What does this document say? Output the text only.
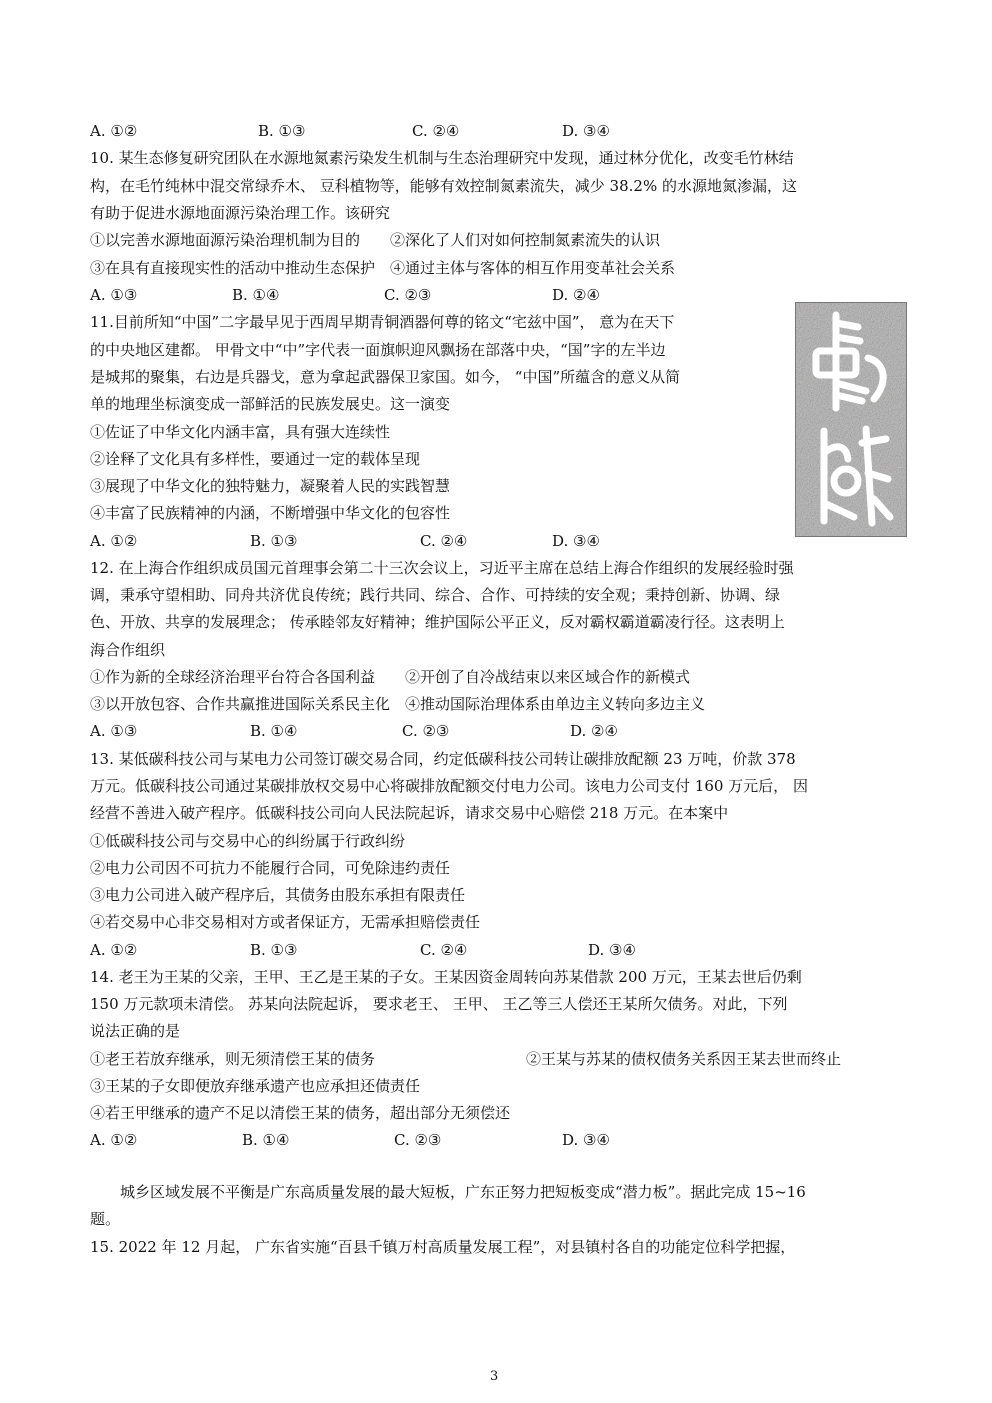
A. ①②	B. ①③	C. ②④	D. ③④
10. 某生态修复研究团队在水源地氮素污染发生机制与生态治理研究中发现，通过林分优化，改变毛竹林结
构，在毛竹纯林中混交常绿乔木、 豆科植物等，能够有效控制氮素流失，减少 38.2% 的水源地氮渗漏，这
有助于促进水源地面源污染治理工作。该研究
①以完善水源地面源污染治理机制为目的　　②深化了人们对如何控制氮素流失的认识
③在具有直接现实性的活动中推动生态保护　④通过主体与客体的相互作用变革社会关系
A. ①③	B. ①④	C. ②③	D. ②④
11.目前所知“中国”二字最早见于西周早期青铜酒器何尊的铭文“宅兹中国”， 意为在天下
的中央地区建都。 甲骨文中“中”字代表一面旗帜迎风飘扬在部落中央，“国”字的左半边
是城邦的聚集，右边是兵器戈，意为拿起武器保卫家国。如今， “中国”所蕴含的意义从简
单的地理坐标演变成一部鲜活的民族发展史。这一演变
①佐证了中华文化内涵丰富，具有强大连续性
②诠释了文化具有多样性，要通过一定的载体呈现
③展现了中华文化的独特魅力，凝聚着人民的实践智慧
④丰富了民族精神的内涵，不断增强中华文化的包容性
A. ①②	B. ①③	C. ②④	D. ③④
12. 在上海合作组织成员国元首理事会第二十三次会议上，习近平主席在总结上海合作组织的发展经验时强
调，秉承守望相助、同舟共济优良传统；践行共同、综合、合作、可持续的安全观；秉持创新、协调、绿
色、开放、共享的发展理念； 传承睦邻友好精神；维护国际公平正义，反对霸权霸道霸凌行径。这表明上
海合作组织
①作为新的全球经济治理平台符合各国利益　　②开创了自冷战结束以来区域合作的新模式
③以开放包容、合作共赢推进国际关系民主化　④推动国际治理体系由单边主义转向多边主义
A. ①③	B. ①④	C. ②③	D. ②④
13. 某低碳科技公司与某电力公司签订碳交易合同，约定低碳科技公司转让碳排放配额 23 万吨，价款 378
万元。低碳科技公司通过某碳排放权交易中心将碳排放配额交付电力公司。该电力公司支付 160 万元后， 因
经营不善进入破产程序。低碳科技公司向人民法院起诉，请求交易中心赔偿 218 万元。在本案中
①低碳科技公司与交易中心的纠纷属于行政纠纷
②电力公司因不可抗力不能履行合同，可免除违约责任
③电力公司进入破产程序后，其债务由股东承担有限责任
④若交易中心非交易相对方或者保证方，无需承担赔偿责任
A. ①②	B. ①③	C. ②④	D. ③④
14. 老王为王某的父亲，王甲、王乙是王某的子女。王某因资金周转向苏某借款 200 万元，王某去世后仍剩
150 万元款项未清偿。 苏某向法院起诉， 要求老王、 王甲、 王乙等三人偿还王某所欠债务。对此，下列
说法正确的是
①老王若放弃继承，则无须清偿王某的债务	②王某与苏某的债权债务关系因王某去世而终止
③王某的子女即便放弃继承遗产也应承担还债责任
④若王甲继承的遗产不足以清偿王某的债务，超出部分无须偿还
A. ①②	B. ①④	C. ②③	D. ③④
城乡区域发展不平衡是广东高质量发展的最大短板，广东正努力把短板变成“潜力板”。据此完成 15~16
题。
15. 2022 年 12 月起， 广东省实施“百县千镇万村高质量发展工程”，对县镇村各自的功能定位科学把握，
3
